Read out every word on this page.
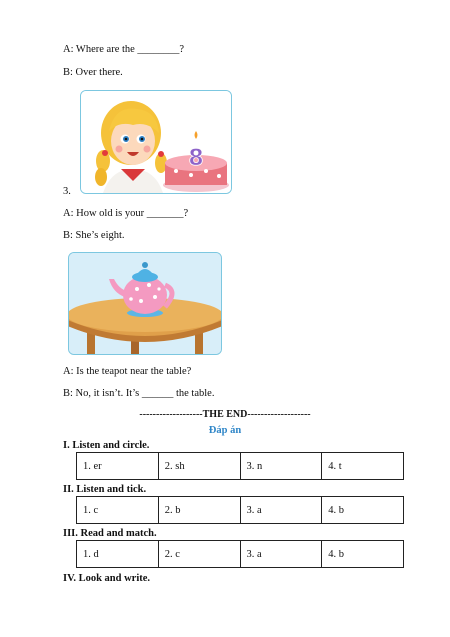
A: Where are the ________?
B: Over there.
8
3.
A: How old is your _______?
B: She’s eight.
A: Is the teapot near the table?
B: No, it isn’t. It’s ______ the table.
-------------------THE END-------------------
Đáp án
I. Listen and circle.
1. er	2. sh	3. n	4. t
II. Listen and tick.
1. c	2. b	3. a	4. b
III. Read and match.
1. d	2. c	3. a	4. b
IV. Look and write.
